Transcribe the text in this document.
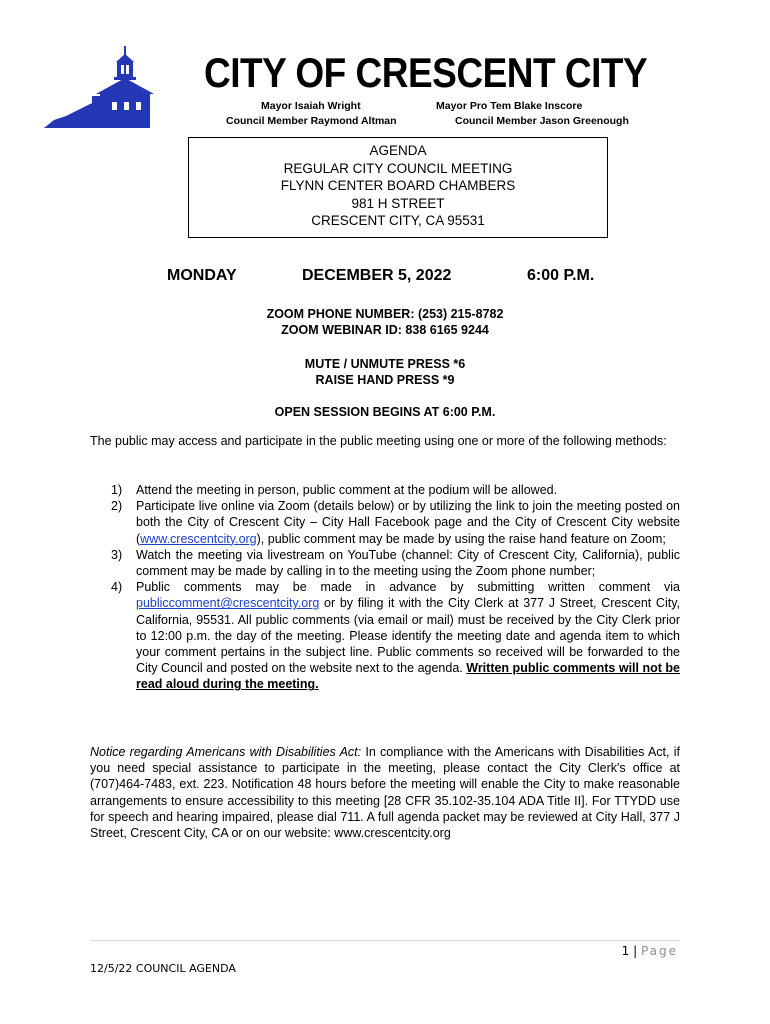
CITY OF CRESCENT CITY
Mayor Isaiah Wright
Council Member Raymond Altman
Mayor Pro Tem Blake Inscore
Council Member Jason Greenough
AGENDA
REGULAR CITY COUNCIL MEETING
FLYNN CENTER BOARD CHAMBERS
981 H STREET
CRESCENT CITY, CA 95531
MONDAY	DECEMBER 5, 2022	6:00 P.M.
ZOOM PHONE NUMBER: (253) 215-8782
ZOOM WEBINAR ID: 838 6165 9244
MUTE / UNMUTE PRESS *6
RAISE HAND PRESS *9
OPEN SESSION BEGINS AT 6:00 P.M.
The public may access and participate in the public meeting using one or more of the following methods:
1) Attend the meeting in person, public comment at the podium will be allowed.
2) Participate live online via Zoom (details below) or by utilizing the link to join the meeting posted on both the City of Crescent City – City Hall Facebook page and the City of Crescent City website (www.crescentcity.org), public comment may be made by using the raise hand feature on Zoom;
3) Watch the meeting via livestream on YouTube (channel: City of Crescent City, California), public comment may be made by calling in to the meeting using the Zoom phone number;
4) Public comments may be made in advance by submitting written comment via publiccomment@crescentcity.org or by filing it with the City Clerk at 377 J Street, Crescent City, California, 95531. All public comments (via email or mail) must be received by the City Clerk prior to 12:00 p.m. the day of the meeting. Please identify the meeting date and agenda item to which your comment pertains in the subject line. Public comments so received will be forwarded to the City Council and posted on the website next to the agenda. Written public comments will not be read aloud during the meeting.
Notice regarding Americans with Disabilities Act: In compliance with the Americans with Disabilities Act, if you need special assistance to participate in the meeting, please contact the City Clerk's office at (707)464-7483, ext. 223. Notification 48 hours before the meeting will enable the City to make reasonable arrangements to ensure accessibility to this meeting [28 CFR 35.102-35.104 ADA Title II]. For TTYDD use for speech and hearing impaired, please dial 711. A full agenda packet may be reviewed at City Hall, 377 J Street, Crescent City, CA or on our website: www.crescentcity.org
1 | Page
12/5/22 COUNCIL AGENDA
